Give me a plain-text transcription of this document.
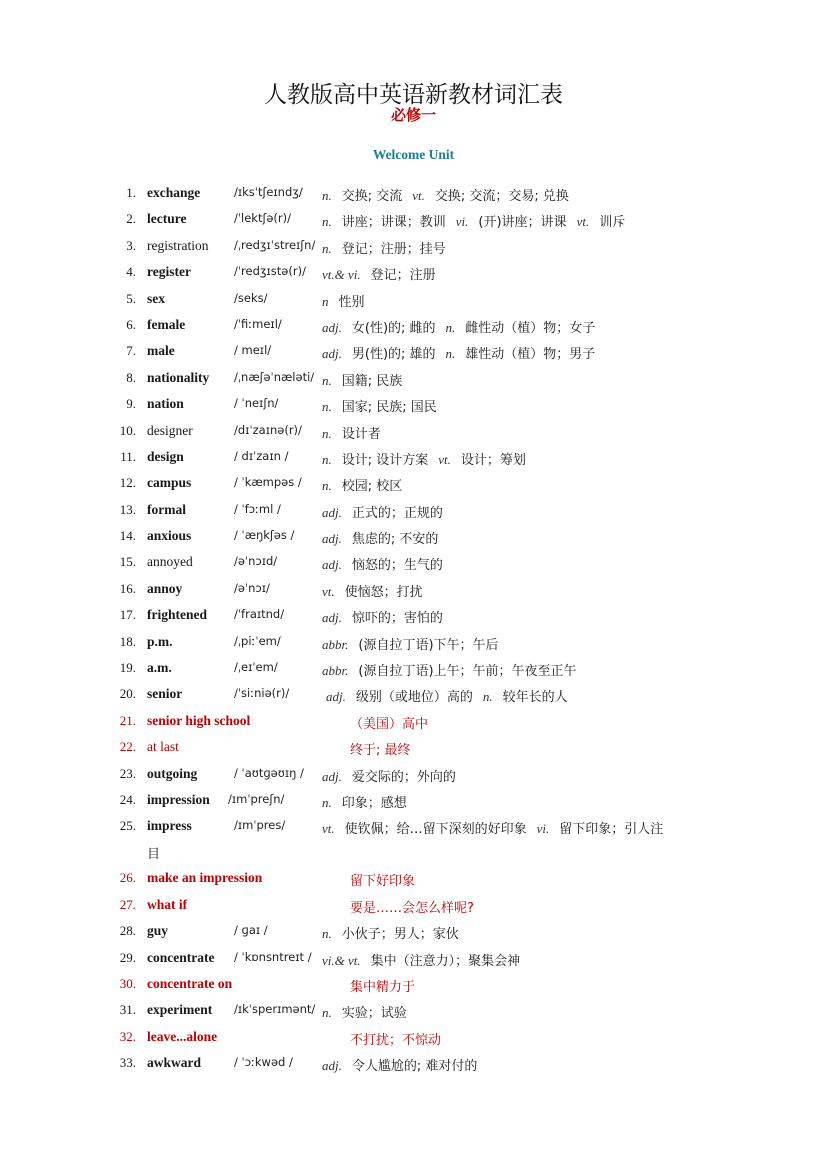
人教版高中英语新教材词汇表
必修一
Welcome Unit
1. exchange	/ɪksˈtʃeɪndʒ/ n. 交换; 交流 vt. 交换; 交流；交易; 兑换
2. lecture	/ˈlektʃə(r)/ n. 讲座；讲课；教训 vi. (开)讲座；讲课 vt. 训斥
3. registration /ˌredʒɪˈstreɪʃn/ n. 登记；注册；挂号
4. register	/ˈredʒɪstə(r)/ vt.& vi. 登记；注册
5. sex	/seks/	n 性别
6. female	/ˈfiːmeɪl/	adj. 女(性)的; 雌的 n. 雌性动（植）物；女子
7. male	/ meɪl/	adj. 男(性)的; 雄的 n. 雄性动（植）物；男子
8. nationality /ˌnæʃəˈnæləti/ n. 国籍; 民族
9. nation	/ ˈneɪʃn/	n. 国家; 民族; 国民
10. designer	/dɪˈzaɪnə(r)/ n. 设计者
11. design	/ dɪˈzaɪn /	n. 设计; 设计方案 vt. 设计；筹划
12. campus	/ ˈkæmpəs / n. 校园; 校区
13. formal	/ ˈfɔːml /	adj. 正式的；正规的
14. anxious	/ ˈæŋkʃəs / adj. 焦虑的; 不安的
15. annoyed	/əˈnɔɪd/	adj. 恼怒的；生气的
16. annoy	/əˈnɔɪ/	vt. 使恼怒；打扰
17. frightened /ˈfraɪtnd/	adj. 惊吓的；害怕的
18. p.m.	/ˌpiːˈem/	abbr. (源自拉丁语)下午；午后
19. a.m.	/ˌeɪˈem/	abbr. (源自拉丁语)上午；午前；午夜至正午
20. senior	/ˈsiːniə(r)/	adj. 级别（或地位）高的 n. 较年长的人
21. senior high school	（美国）高中
22. at last	终于; 最终
23. outgoing	/ ˈaʊtɡəʊɪŋ / adj. 爱交际的；外向的
24. impression /ɪmˈpreʃn/	n. 印象；感想
25. impress	/ɪmˈpres/	vt. 使钦佩；给…留下深刻的好印象 vi. 留下印象；引人注
目
26. make an impression	留下好印象
27. what if	要是……会怎么样呢?
28. guy	/ ɡaɪ /	n. 小伙子；男人；家伙
29. concentrate / ˈkɒnsntreɪt / vi.& vt. 集中（注意力）；聚集会神
30. concentrate on	集中精力于
31. experiment /ɪkˈsperɪmənt/ n. 实验；试验
32. leave...alone	不打扰；不惊动
33. awkward	/ ˈɔːkwəd / adj. 令人尴尬的; 难对付的
